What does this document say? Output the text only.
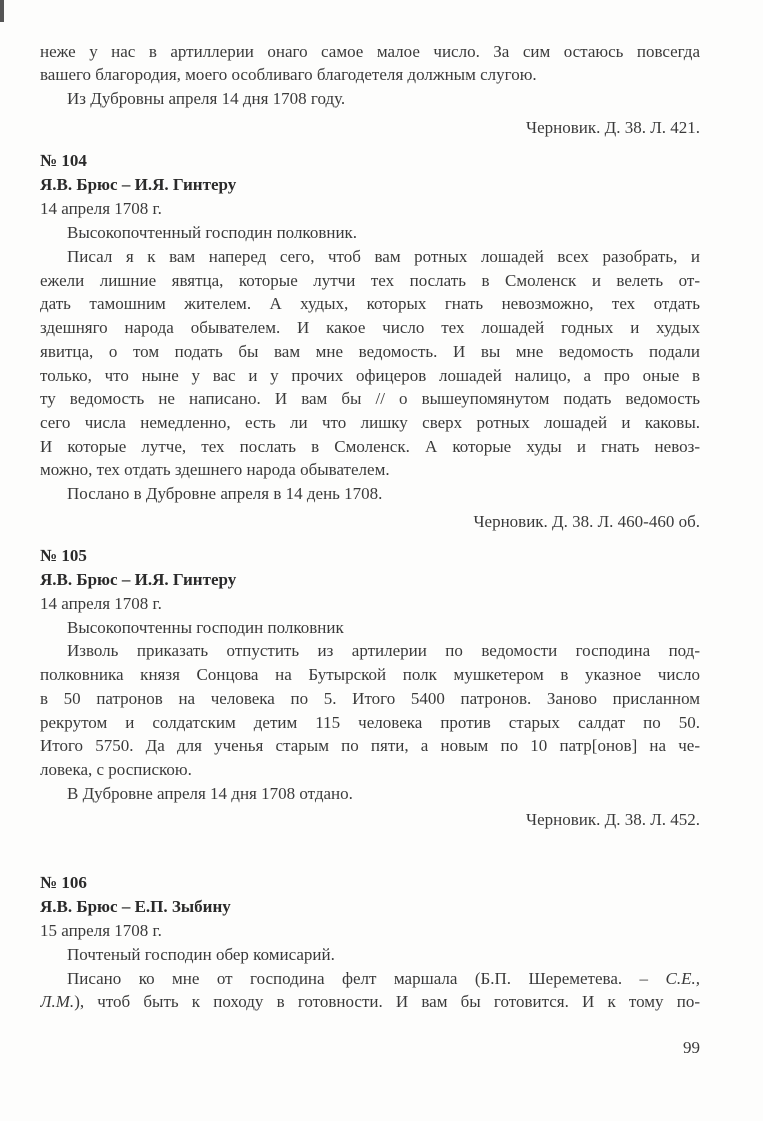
неже у нас в артиллерии онаго самое малое число. За сим остаюсь повсегда
вашего благородия, моего особливаго благодетеля должным слугою.
Из Дубровны апреля 14 дня 1708 году.
Черновик. Д. 38. Л. 421.
№ 104
Я.В. Брюс – И.Я. Гинтеру
14 апреля 1708 г.
Высокопочтенный господин полковник.
Писал я к вам наперед сего, чтоб вам ротных лошадей всех разобрать, и
ежели лишние явятца, которые лутчи тех послать в Смоленск и велеть от-
дать тамошним жителем. А худых, которых гнать невозможно, тех отдать
здешняго народа обывателем. И какое число тех лошадей годных и худых
явитца, о том подать бы вам мне ведомость. И вы мне ведомость подали
только, что ныне у вас и у прочих офицеров лошадей налицо, а про оные в
ту ведомость не написано. И вам бы // о вышеупомянутом подать ведомость
сего числа немедленно, есть ли что лишку сверх ротных лошадей и каковы.
И которые лутче, тех послать в Смоленск. А которые худы и гнать невоз-
можно, тех отдать здешнего народа обывателем.
Послано в Дубровне апреля в 14 день 1708.
Черновик. Д. 38. Л. 460-460 об.
№ 105
Я.В. Брюс – И.Я. Гинтеру
14 апреля 1708 г.
Высокопочтенны господин полковник
Изволь приказать отпустить из артилерии по ведомости господина под-
полковника князя Сонцова на Бутырской полк мушкетером в указное число
в 50 патронов на человека по 5. Итого 5400 патронов. Заново присланном
рекрутом и солдатским детим 115 человека против старых салдат по 50.
Итого 5750. Да для ученья старым по пяти, а новым по 10 патр[онов] на че-
ловека, с роспискою.
В Дубровне апреля 14 дня 1708 отдано.
Черновик. Д. 38. Л. 452.
№ 106
Я.В. Брюс – Е.П. Зыбину
15 апреля 1708 г.
Почтеный господин обер комисарий.
Писано ко мне от господина фелт маршала (Б.П. Шереметева. – С.Е.,
Л.М.), чтоб быть к походу в готовности. И вам бы готовится. И к тому по-
99
